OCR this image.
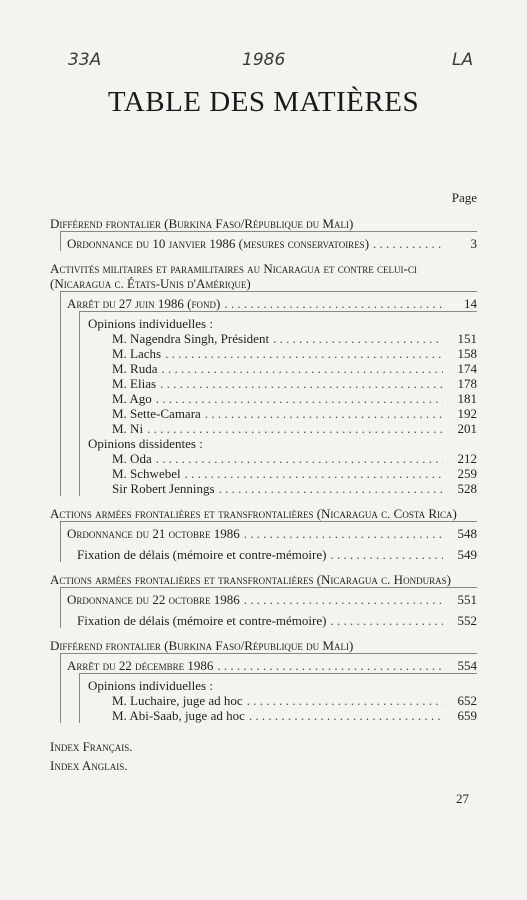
33A	1986	LA
TABLE DES MATIÈRES
Page
Différend frontalier (Burkina Faso/République du Mali)
Ordonnance du 10 janvier 1986 (mesures conservatoires) . . .	3
Activités militaires et paramilitaires au Nicaragua et contre celui-ci (Nicaragua c. États-Unis d'Amérique)
Arrêt du 27 juin 1986 (fond) . . .	14
Opinions individuelles :
M. Nagendra Singh, Président . . .	151
M. Lachs . . .	158
M. Ruda . . .	174
M. Elias . . .	178
M. Ago . . .	181
M. Sette-Camara . . .	192
M. Ni . . .	201
Opinions dissidentes :
M. Oda . . .	212
M. Schwebel . . .	259
Sir Robert Jennings . . .	528
Actions armées frontalières et transfrontalières (Nicaragua c. Costa Rica)
Ordonnance du 21 octobre 1986 . . .	548
Fixation de délais (mémoire et contre-mémoire) . . .	549
Actions armées frontalières et transfrontalières (Nicaragua c. Honduras)
Ordonnance du 22 octobre 1986 . . .	551
Fixation de délais (mémoire et contre-mémoire) . . .	552
Différend frontalier (Burkina Faso/République du Mali)
Arrêt du 22 décembre 1986 . . .	554
Opinions individuelles :
M. Luchaire, juge ad hoc . . .	652
M. Abi-Saab, juge ad hoc . . .	659
Index Français.
Index Anglais.
27
